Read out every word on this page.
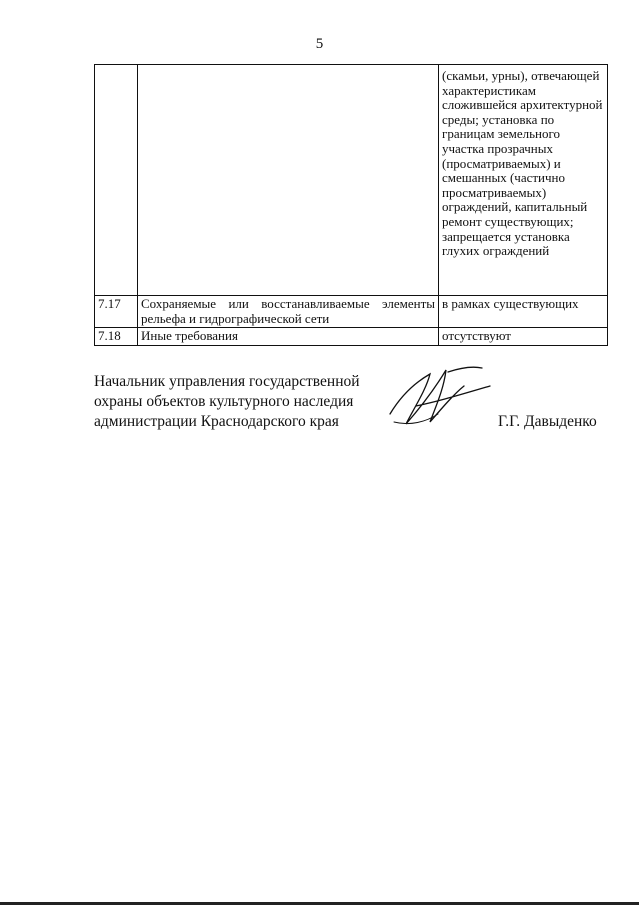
5
		(скамьи, урны), отвечающей характеристикам сложившейся архитектурной среды; установка по границам земельного участка прозрачных (просматриваемых) и смешанных (частично просматриваемых) ограждений, капитальный ремонт существующих; запрещается установка глухих ограждений
7.17	Сохраняемые или восстанавливаемые элементы рельефа и гидрографической сети	в рамках существующих
7.18	Иные требования	отсутствуют
Начальник управления государственной охраны объектов культурного наследия администрации Краснодарского края	Г.Г. Давыденко
